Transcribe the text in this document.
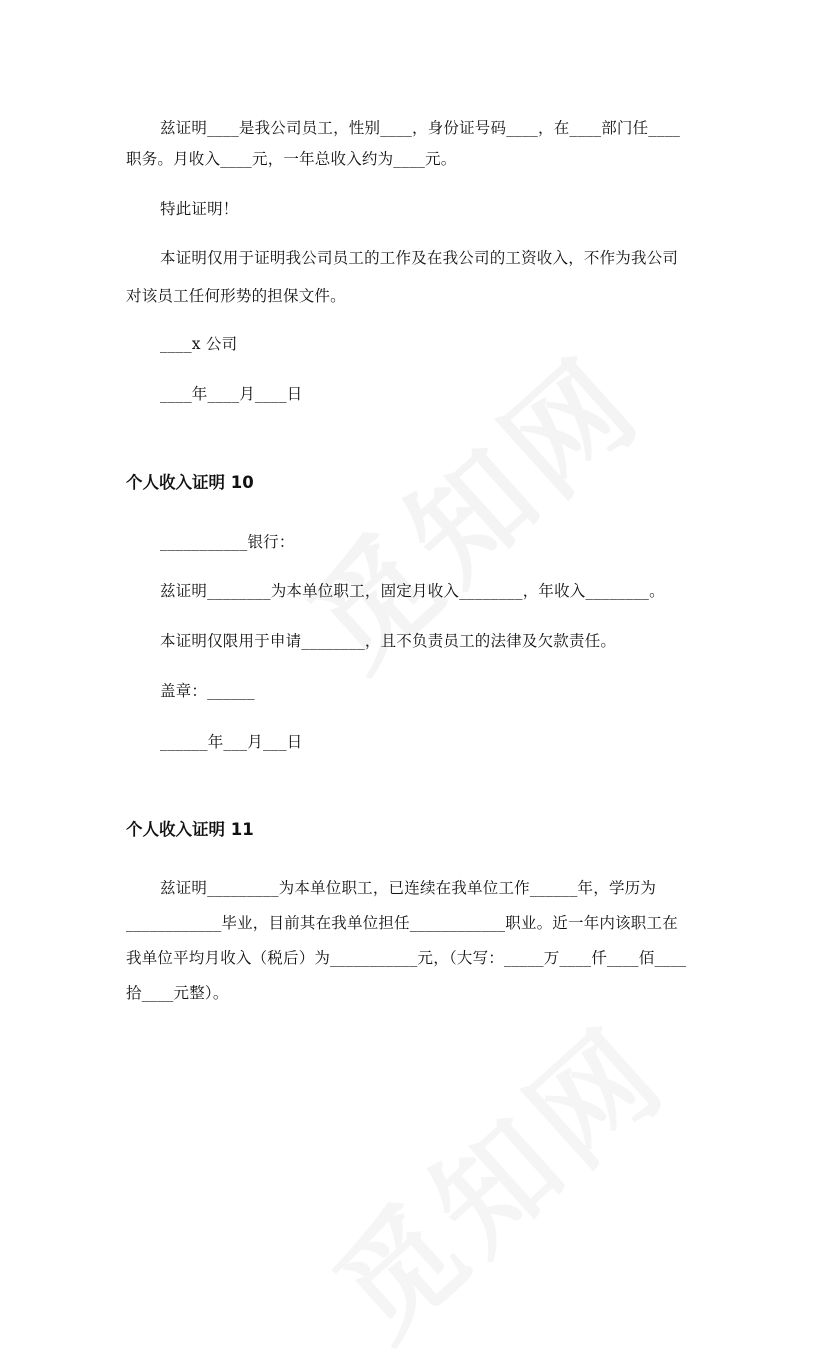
兹证明____是我公司员工，性别____，身份证号码____，在____部门任____
职务。月收入____元，一年总收入约为____元。
特此证明！
本证明仅用于证明我公司员工的工作及在我公司的工资收入，不作为我公司
对该员工任何形势的担保文件。
____x 公司
____年____月____日
个人收入证明 10
___________银行：
兹证明________为本单位职工，固定月收入________，年收入________。
本证明仅限用于申请________，且不负责员工的法律及欠款责任。
盖章：______
______年___月___日
个人收入证明 11
兹证明_________为本单位职工，已连续在我单位工作______年，学历为
____________毕业，目前其在我单位担任____________职业。近一年内该职工在
我单位平均月收入（税后）为___________元，（大写：_____万____仟____佰____
拾____元整）。
